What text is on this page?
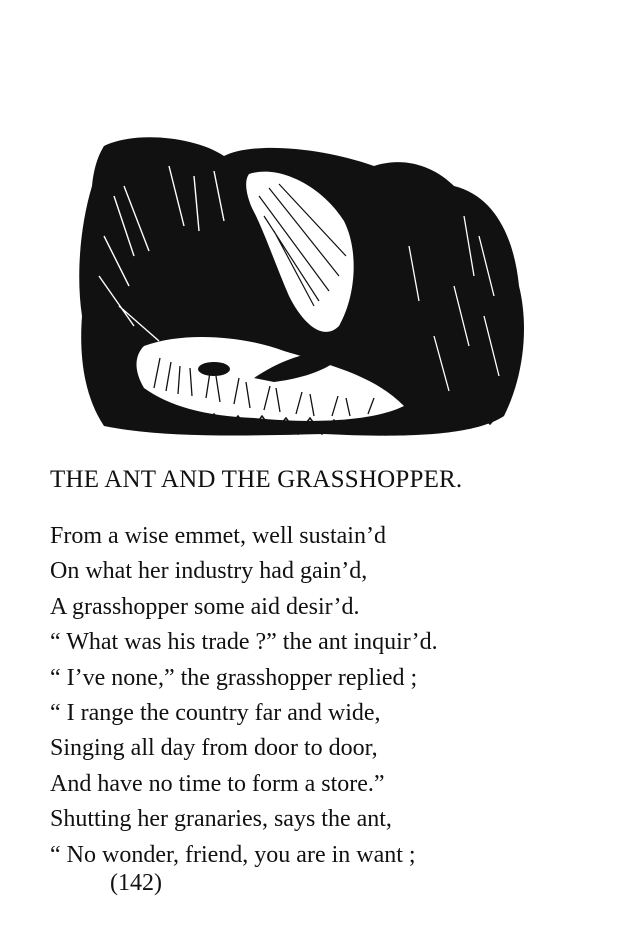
THE ANT AND THE GRASSHOPPER.

From a wise emmet, well sustain’d

On what her industry had gain’d,

A grasshopper some aid desir’d.

“ What was his trade ?” the ant inquir’d.

“ I’ve none,” the grasshopper replied ;

“ I range the country far and wide,

Singing all day from door to door,

And have no time to form a store.”

Shutting her granaries, says the ant,

“ No wonder, friend, you are in want ;

(142)
